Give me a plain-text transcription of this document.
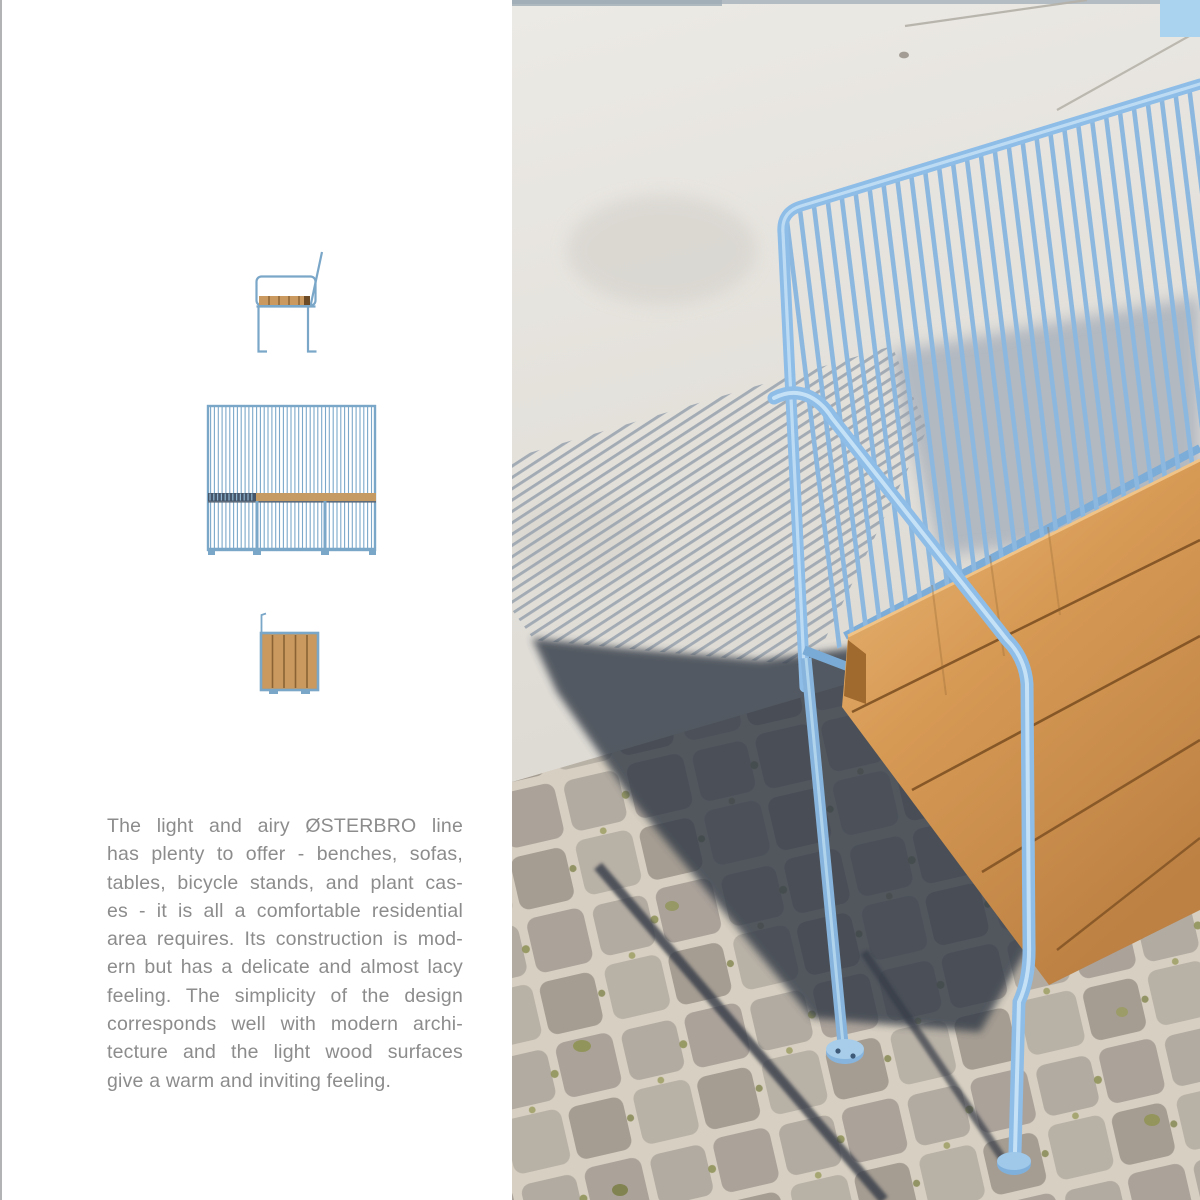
The light and airy ØSTERBRO line
has plenty to offer - benches, sofas,
tables, bicycle stands, and plant cas-
es - it is all a comfortable residential
area requires. Its construction is mod-
ern but has a delicate and almost lacy
feeling. The simplicity of the design
corresponds well with modern archi-
tecture and the light wood surfaces
give a warm and inviting feeling.
